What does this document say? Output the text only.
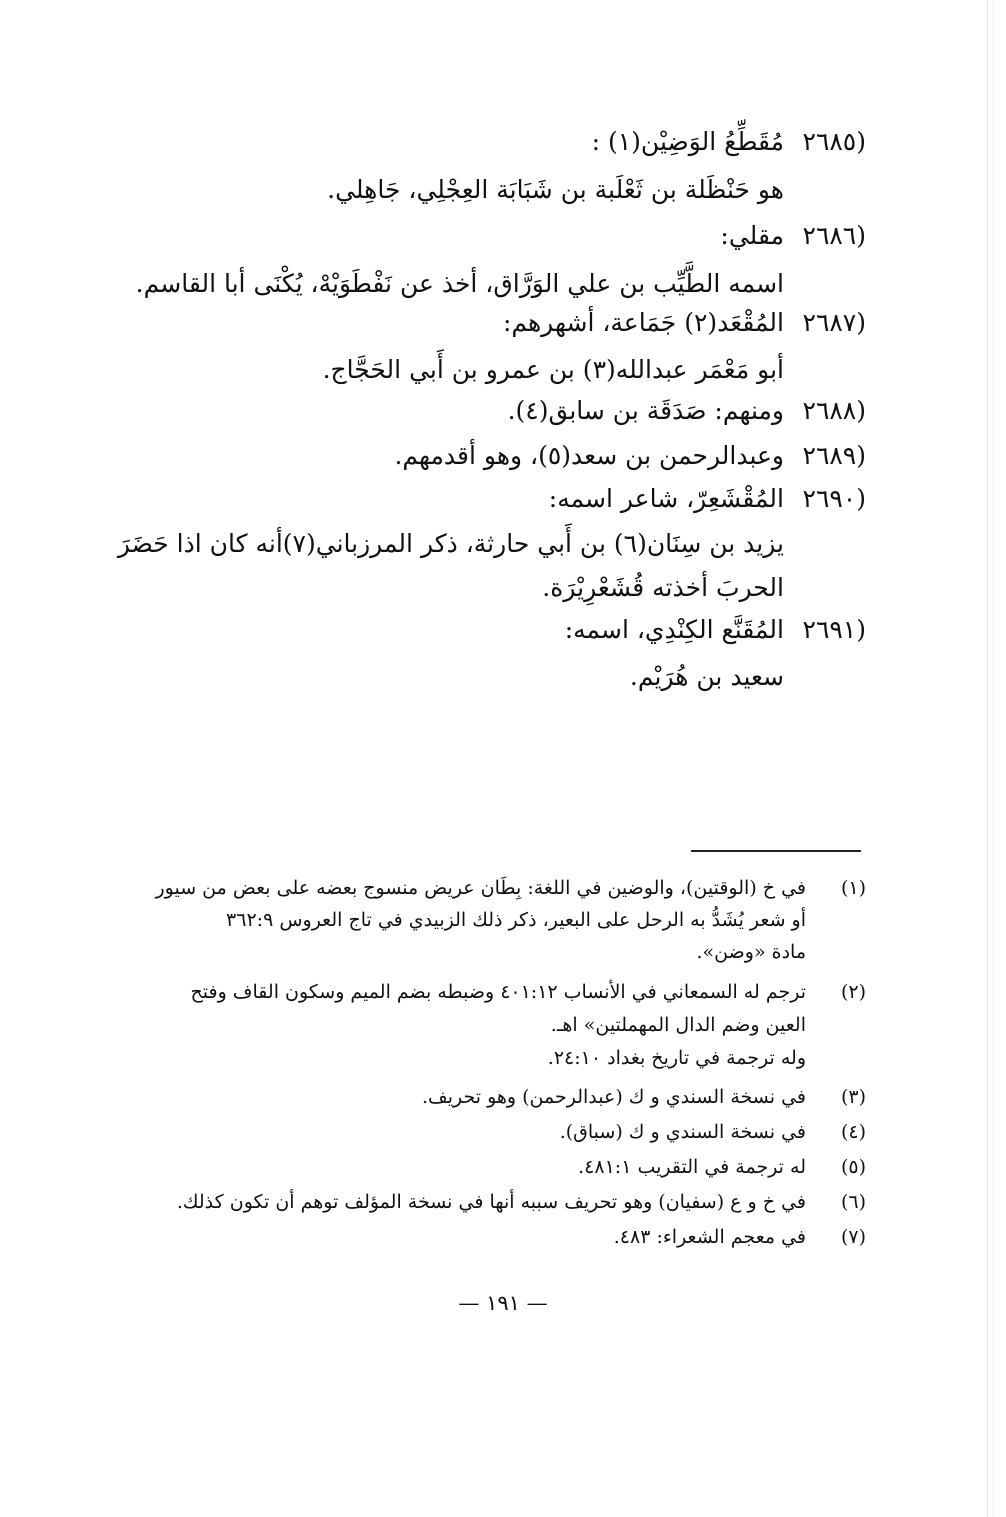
(٢٦٨٥
مُقَطِّعُ الوَضِيْن(١) :
هو حَنْظَلة بن ثَعْلَبة بن شَبَابَة العِجْلِي، جَاهِلي.
(٢٦٨٦
مقلي:
اسمه الطَّيِّب بن علي الوَرَّاق، أخذ عن نَفْطَوَيْهْ، يُكْنَى أبا القاسم.
(٢٦٨٧
المُقْعَد(٢) جَمَاعة، أشهرهم:
أبو مَعْمَر عبدالله(٣) بن عمرو بن أَبي الحَجَّاج.
(٢٦٨٨
ومنهم: صَدَقَة بن سابق(٤).
(٢٦٨٩
وعبدالرحمن بن سعد(٥)، وهو أقدمهم.
(٢٦٩٠
المُقْشَعِرّ، شاعر اسمه:
يزيد بن سِنَان(٦) بن أَبي حارثة، ذكر المرزباني(٧)أنه كان اذا حَضَرَ
الحربَ أخذته قُشَعْرِيْرَة.
(٢٦٩١
المُقَنَّع الكِنْدِي، اسمه:
سعيد بن هُرَيْم.
(١)في خ (الوقتين)، والوضين في اللغة: بِطَان عريض منسوج بعضه على بعض من سيور
أو شعر يُشَدُّ به الرحل على البعير، ذكر ذلك الزبيدي في تاج العروس ٣٦٢:٩
مادة «وضن».
(٢)ترجم له السمعاني في الأنساب ٤٠١:١٢ وضبطه بضم الميم وسكون القاف وفتح
العين وضم الدال المهملتين» اهـ.
وله ترجمة في تاريخ بغداد ٢٤:١٠.
(٣)في نسخة السندي و ك (عبدالرحمن) وهو تحريف.
(٤)في نسخة السندي و ك (سباق).
(٥)له ترجمة في التقريب ٤٨١:١.
(٦)في خ و ع (سفيان) وهو تحريف سببه أنها في نسخة المؤلف توهم أن تكون كذلك.
(٧)في معجم الشعراء: ٤٨٣.
— ١٩١ —
